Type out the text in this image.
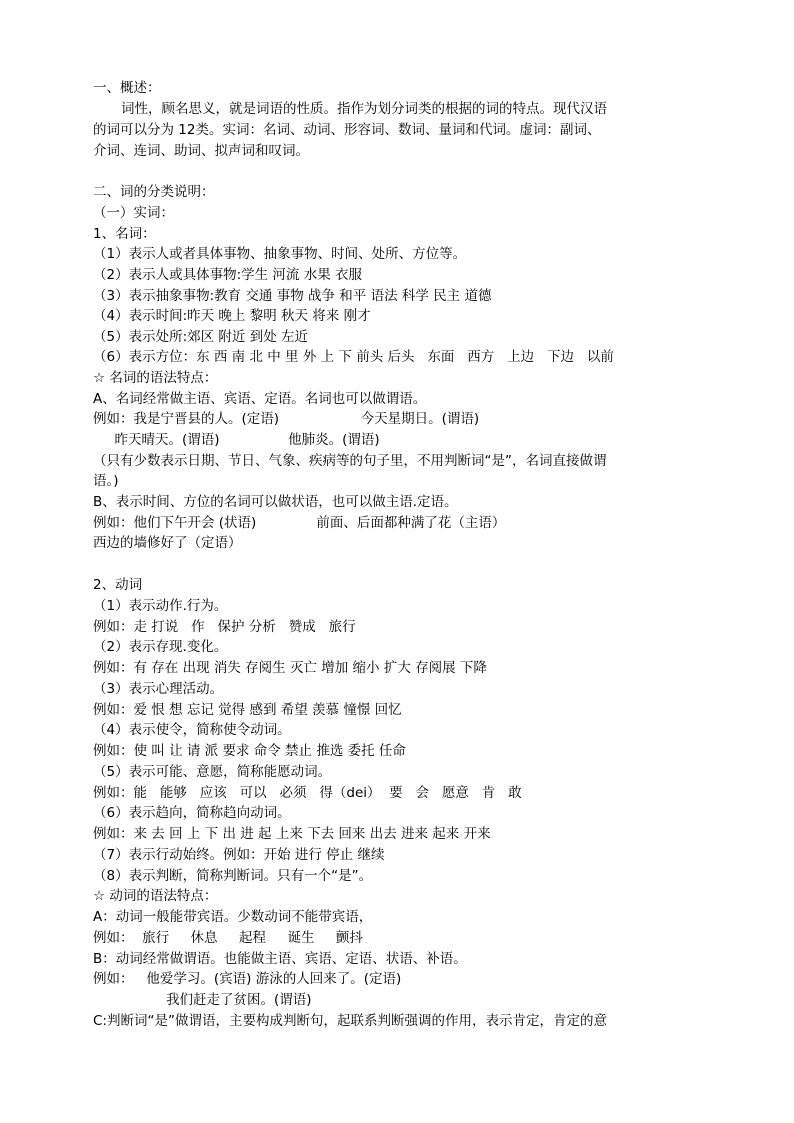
一、概述：
词性，顾名思义，就是词语的性质。指作为划分词类的根据的词的特点。现代汉语
的词可以分为 12类。实词：名词、动词、形容词、数词、量词和代词。虚词：副词、
介词、连词、助词、拟声词和叹词。
二、词的分类说明：
（一）实词：
1、名词：
（1）表示人或者具体事物、抽象事物、时间、处所、方位等。
（2）表示人或具体事物:学生 河流 水果 衣服
（3）表示抽象事物:教育 交通 事物 战争 和平 语法 科学 民主 道德
（4）表示时间:昨天 晚上 黎明 秋天 将来 刚才
（5）表示处所:郊区 附近 到处 左近
（6）表示方位：东 西 南 北 中 里 外 上 下 前头 后头   东面   西方   上边   下边   以前
☆ 名词的语法特点：
A、名词经常做主语、宾语、定语。名词也可以做谓语。
例如：我是宁晋县的人。(定语)                   今天星期日。(谓语)
昨天晴天。(谓语)                他肺炎。(谓语)
（只有少数表示日期、节日、气象、疾病等的句子里，不用判断词“是”，名词直接做谓
语。)
B、表示时间、方位的名词可以做状语，也可以做主语.定语。
例如：他们下午开会 (状语)              前面、后面都种满了花（主语）
西边的墙修好了（定语）
2、动词
（1）表示动作.行为。
例如：走 打说   作   保护 分析   赞成   旅行
（2）表示存现.变化。
例如：有 存在 出现 消失 存阅生 灭亡 增加 缩小 扩大 存阅展 下降
（3）表示心理活动。
例如：爱 恨 想 忘记 觉得 感到 希望 羡慕 憧憬 回忆
（4）表示使令，简称使令动词。
例如：使 叫 让 请 派 要求 命令 禁止 推选 委托 任命
（5）表示可能、意愿，简称能愿动词。
例如：能   能够   应该   可以   必须   得（dei）  要   会   愿意   肯   敢
（6）表示趋向，简称趋向动词。
例如：来 去 回 上 下 出 进 起 上来 下去 回来 出去 进来 起来 开来
（7）表示行动始终。例如：开始 进行 停止 继续
（8）表示判断，简称判断词。只有一个“是”。
☆ 动词的语法特点：
A：动词一般能带宾语。少数动词不能带宾语，
例如：  旅行     休息     起程     诞生     颤抖
B：动词经常做谓语。也能做主语、宾语、定语、状语、补语。
例如：   他爱学习。(宾语) 游泳的人回来了。(定语)
我们赶走了贫困。(谓语)
C:判断词“是”做谓语，主要构成判断句，起联系判断强调的作用，表示肯定，肯定的意
